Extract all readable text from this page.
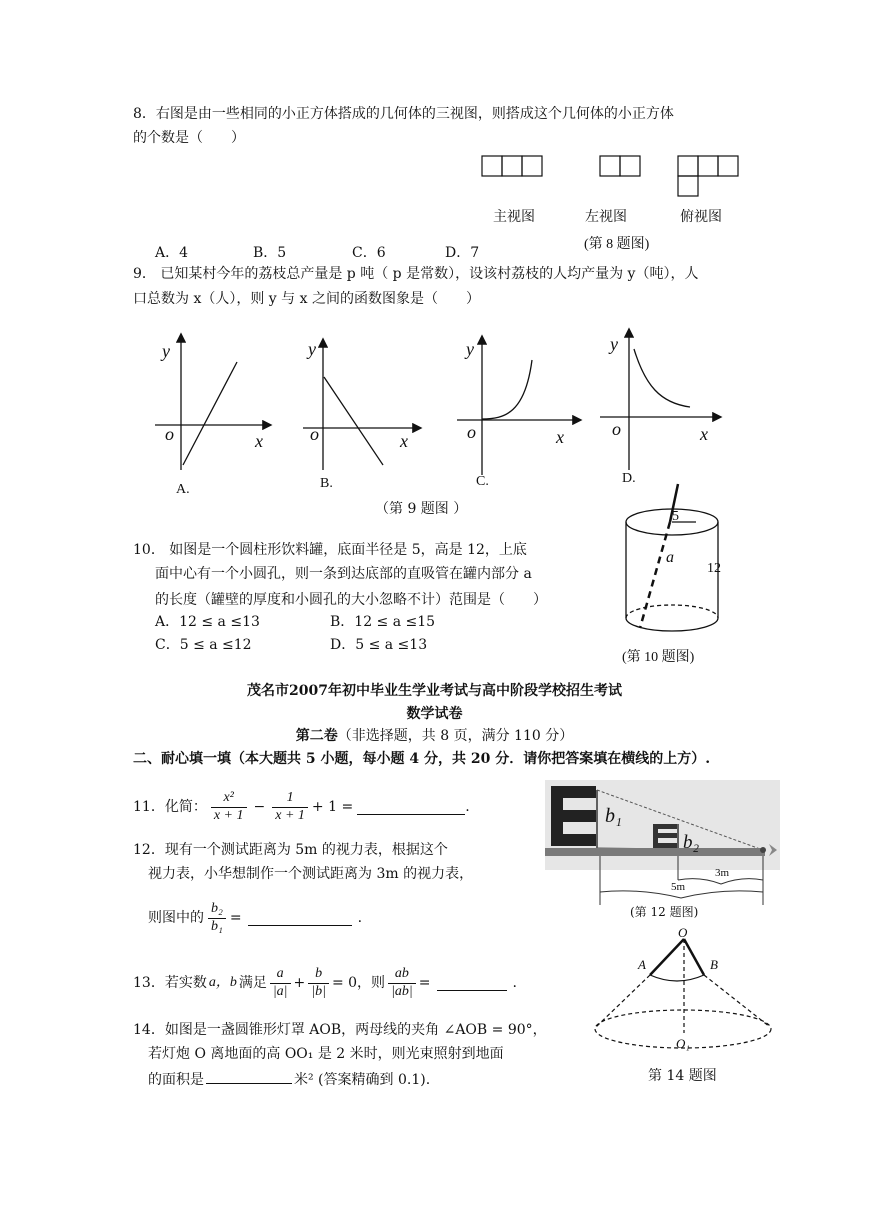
8．右图是由一些相同的小正方体搭成的几何体的三视图，则搭成这个几何体的小正方体
的个数是（　　）
主视图	左视图	俯视图
(第 8 题图)
A．4	B．5	C．6	D．7
9． 已知某村今年的荔枝总产量是 p 吨（ p 是常数），设该村荔枝的人均产量为 y（吨），人
口总数为 x（人），则 y 与 x 之间的函数图象是（　　）
y
o	x
y
o	x
y
o	x
y
o	x
A.	B.	C.	D.
（第 9 题图 ）
10． 如图是一个圆柱形饮料罐，底面半径是 5，高是 12，上底
面中心有一个小圆孔，则一条到达底部的直吸管在罐内部分 a
的长度（罐壁的厚度和小圆孔的大小忽略不计）范围是（　　）
A．12 ≤ a ≤13	B．12 ≤ a ≤15
C．5 ≤ a ≤12	D．5 ≤ a ≤13
5
12
a
(第 10 题图)
茂名市2007年初中毕业生学业考试与高中阶段学校招生考试
数学试卷
第二卷（非选择题，共 8 页，满分 110 分）
二、耐心填一填（本大题共 5 小题，每小题 4 分，共 20 分．请你把答案填在横线的上方）.
11．化简： $\frac{\text{x²}}{x + 1} - \frac{1}{x + 1} + 1$ =	.
12．现有一个测试距离为 5m 的视力表，根据这个
视力表，小华想制作一个测试距离为 3m 的视力表，
则图中的 $\frac{\text{b₂}}{\text{b₁}}$ =	.
b₁
b₂
5m
3m
(第 12 题图)
13．若实数 a，b 满足 $\frac{a}{|a|} + \frac{b}{|b|} = 0$，则 $\frac{ab}{|ab|}$ =	.
14．如图是一盏圆锥形灯罩 AOB，两母线的夹角 ∠AOB = 90°，
若灯炮 O 离地面的高 OO₁ 是 2 米时，则光束照射到地面
的面积是	米² (答案精确到 0.1).
O
A	B
O₁
第 14 题图
